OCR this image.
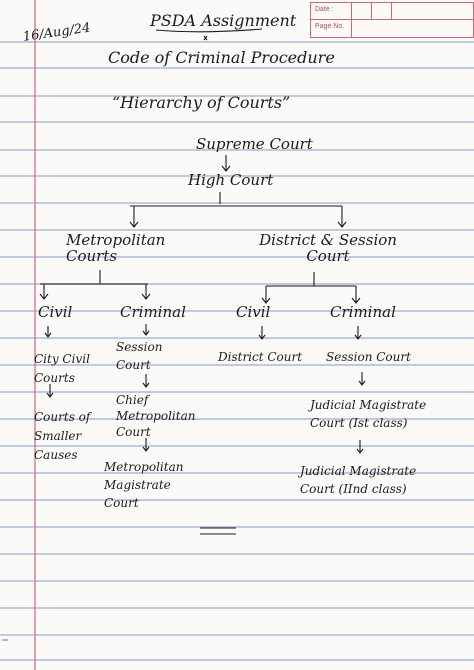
Date :
Page No.
16/Aug/24
PSDA Assignment
Code of Criminal Procedure
“Hierarchy of Courts”
Supreme Court
High Court
Metropolitan Courts
District & Session Court
Civil	Criminal	Civil	Criminal
City Civil Courts
Session Court
District Court Session Court
Courts of Smaller Causes
Chief Metropolitan Court
Judicial Magistrate Court (Ist class)
Metropolitan Magistrate Court
Judicial Magistrate Court (IInd class)
